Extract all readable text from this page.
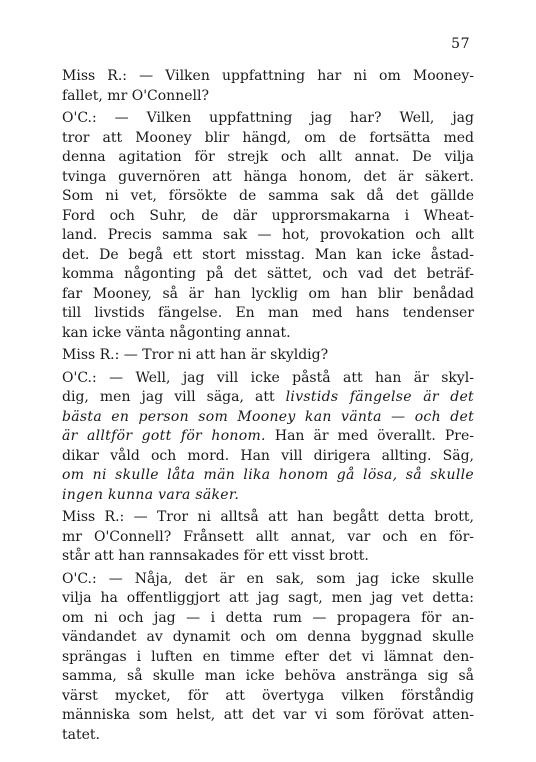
57

Miss R.: — Vilken uppfattning har ni om Mooney-
fallet, mr O'Connell?

O'C.: — Vilken uppfattning jag har? Well, jag
tror att Mooney blir hängd, om de fortsätta med
denna agitation för strejk och allt annat. De vilja
tvinga guvernören att hänga honom, det är säkert.
Som ni vet, försökte de samma sak då det gällde
Ford och Suhr, de där upprorsmakarna i Wheat-
land. Precis samma sak — hot, provokation och allt
det. De begå ett stort misstag. Man kan icke åstad-
komma någonting på det sättet, och vad det beträf-
far Mooney, så är han lycklig om han blir benådad
till livstids fängelse. En man med hans tendenser
kan icke vänta någonting annat.

Miss R.: — Tror ni att han är skyldig?

O'C.: — Well, jag vill icke påstå att han är skyl-
dig, men jag vill säga, att livstids fängelse är det
bästa en person som Mooney kan vänta — och det
är alltför gott för honom. Han är med överallt. Pre-
dikar våld och mord. Han vill dirigera allting. Säg,
om ni skulle låta män lika honom gå lösa, så skulle
ingen kunna vara säker.

Miss R.: — Tror ni alltså att han begått detta brott,
mr O'Connell? Frånsett allt annat, var och en för-
står att han rannsakades för ett visst brott.

O'C.: — Nåja, det är en sak, som jag icke skulle
vilja ha offentliggjort att jag sagt, men jag vet detta:
om ni och jag — i detta rum — propagera för an-
vändandet av dynamit och om denna byggnad skulle
sprängas i luften en timme efter det vi lämnat den-
samma, så skulle man icke behöva anstränga sig så
värst mycket, för att övertyga vilken förståndig
människa som helst, att det var vi som förövat atten-
tatet.
